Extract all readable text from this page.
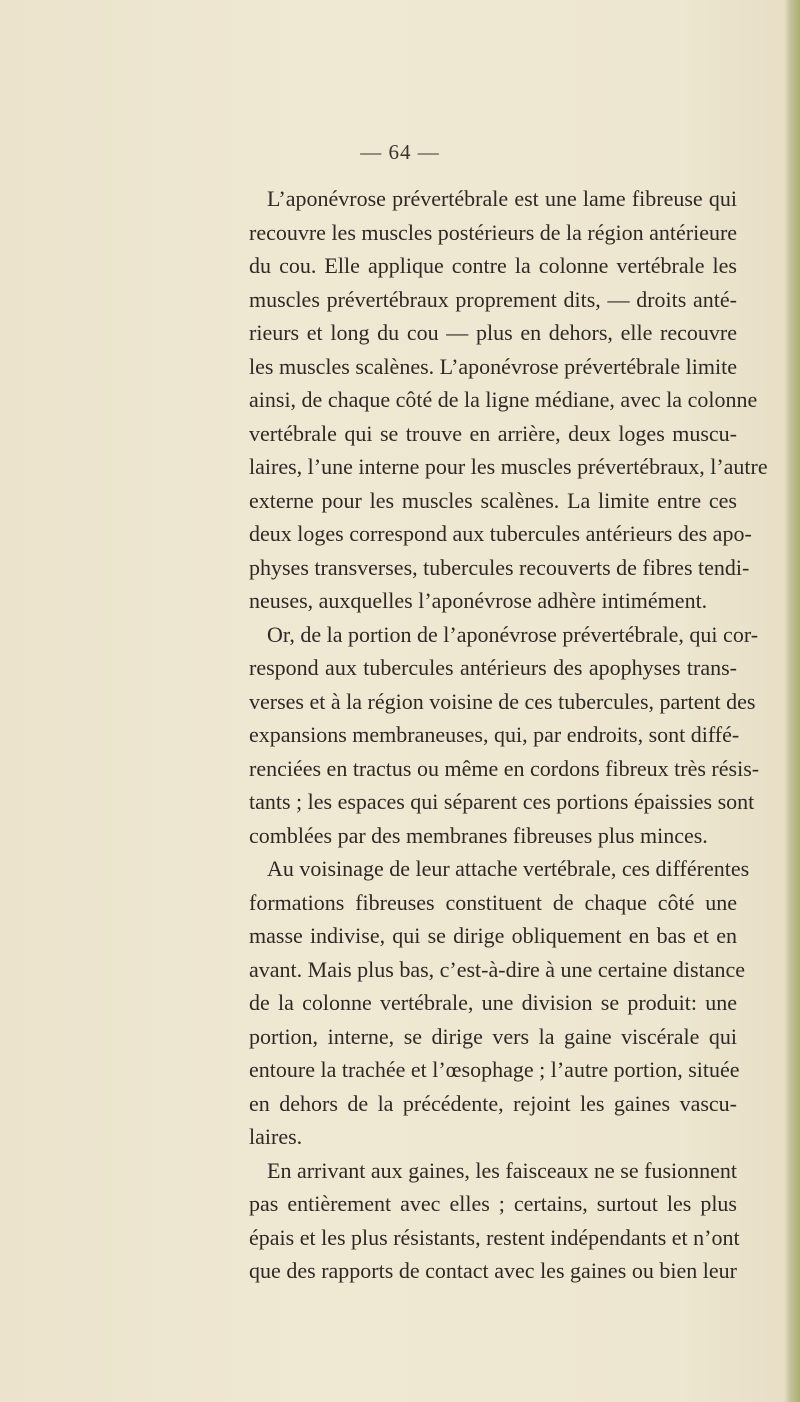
— 64 —
L’aponévrose prévertébrale est une lame fibreuse qui
recouvre les muscles postérieurs de la région antérieure
du cou. Elle applique contre la colonne vertébrale les
muscles prévertébraux proprement dits, — droits anté-
rieurs et long du cou — plus en dehors, elle recouvre
les muscles scalènes. L’aponévrose prévertébrale limite
ainsi, de chaque côté de la ligne médiane, avec la colonne
vertébrale qui se trouve en arrière, deux loges muscu-
laires, l’une interne pour les muscles prévertébraux, l’autre
externe pour les muscles scalènes. La limite entre ces
deux loges correspond aux tubercules antérieurs des apo-
physes transverses, tubercules recouverts de fibres tendi-
neuses, auxquelles l’aponévrose adhère intimément.
Or, de la portion de l’aponévrose prévertébrale, qui cor-
respond aux tubercules antérieurs des apophyses trans-
verses et à la région voisine de ces tubercules, partent des
expansions membraneuses, qui, par endroits, sont diffé-
renciées en tractus ou même en cordons fibreux très résis-
tants ; les espaces qui séparent ces portions épaissies sont
comblées par des membranes fibreuses plus minces.
Au voisinage de leur attache vertébrale, ces différentes
formations fibreuses constituent de chaque côté une
masse indivise, qui se dirige obliquement en bas et en
avant. Mais plus bas, c’est-à-dire à une certaine distance
de la colonne vertébrale, une division se produit: une
portion, interne, se dirige vers la gaine viscérale qui
entoure la trachée et l’œsophage ; l’autre portion, située
en dehors de la précédente, rejoint les gaines vascu-
laires.
En arrivant aux gaines, les faisceaux ne se fusionnent
pas entièrement avec elles ; certains, surtout les plus
épais et les plus résistants, restent indépendants et n’ont
que des rapports de contact avec les gaines ou bien leur
